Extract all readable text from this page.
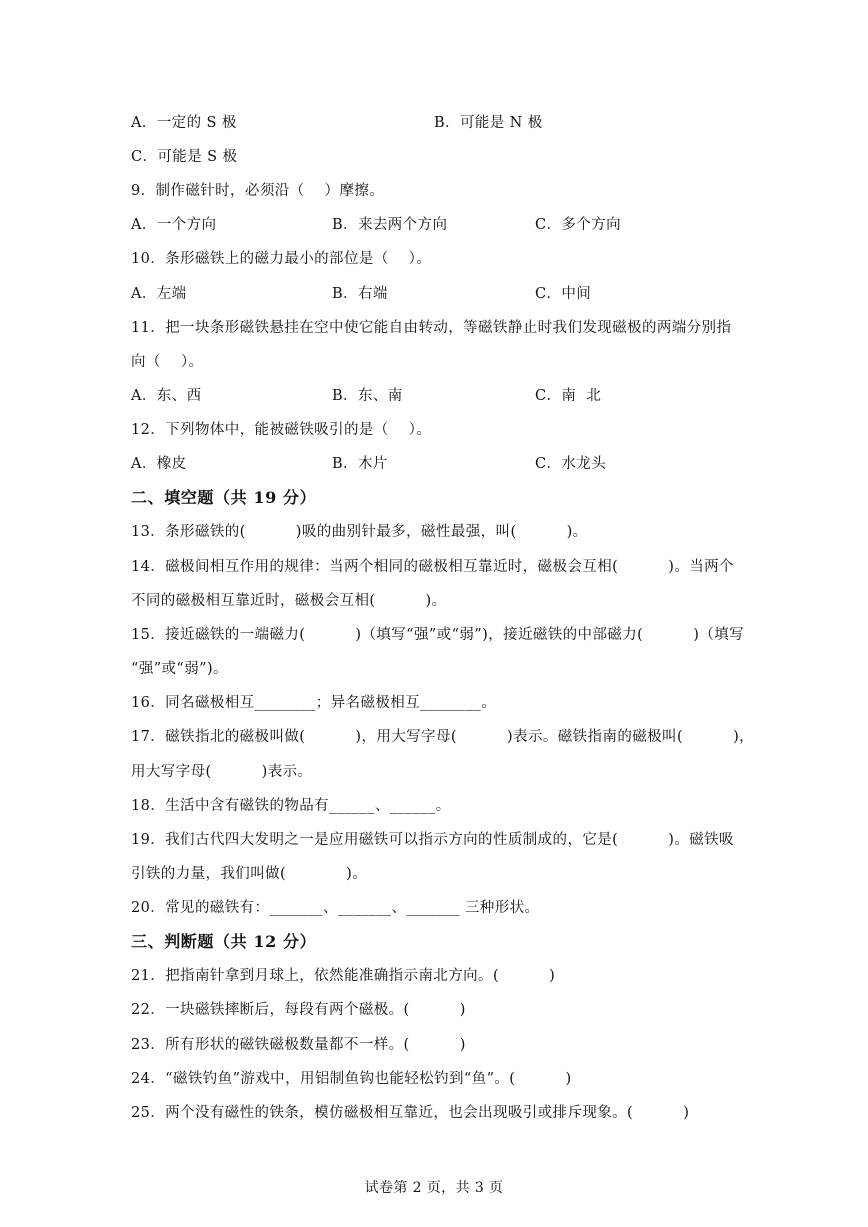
A．一定的 S 极	B．可能是 N 极
C．可能是 S 极
9．制作磁针时，必须沿（    ）摩擦。
A．一个方向	B．来去两个方向	C．多个方向
10．条形磁铁上的磁力最小的部位是（    ）。
A．左端	B．右端	C．中间
11．把一块条形磁铁悬挂在空中使它能自由转动，等磁铁静止时我们发现磁极的两端分别指
向（    ）。
A．东、西	B．东、南	C．南  北
12．下列物体中，能被磁铁吸引的是（    ）。
A．橡皮	B．木片	C．水龙头
二、填空题（共 19 分）
13．条形磁铁的(          )吸的曲别针最多，磁性最强，叫(          )。
14．磁极间相互作用的规律：当两个相同的磁极相互靠近时，磁极会互相(          )。当两个
不同的磁极相互靠近时，磁极会互相(          )。
15．接近磁铁的一端磁力(          )（填写“强”或“弱”)，接近磁铁的中部磁力(          )（填写
“强”或“弱”)。
16．同名磁极相互________；异名磁极相互________。
17．磁铁指北的磁极叫做(          )，用大写字母(          )表示。磁铁指南的磁极叫(          )，
用大写字母(          )表示。
18．生活中含有磁铁的物品有______、______。
19．我们古代四大发明之一是应用磁铁可以指示方向的性质制成的，它是(          )。磁铁吸
引铁的力量，我们叫做(            )。
20．常见的磁铁有：_______、_______、_______ 三种形状。
三、判断题（共 12 分）
21．把指南针拿到月球上，依然能准确指示南北方向。(          )
22．一块磁铁摔断后，每段有两个磁极。(          )
23．所有形状的磁铁磁极数量都不一样。(          )
24．“磁铁钓鱼”游戏中，用铝制鱼钩也能轻松钓到“鱼”。(          )
25．两个没有磁性的铁条，模仿磁极相互靠近，也会出现吸引或排斥现象。(          )
试卷第 2 页，共 3 页
